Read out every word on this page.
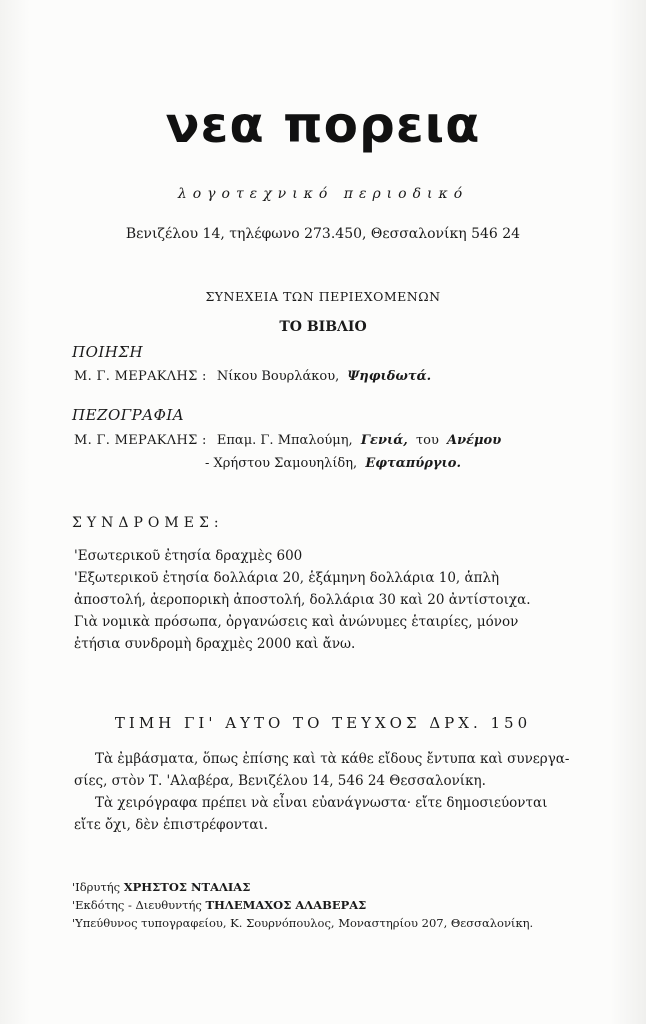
νεα πορεια
λογοτεχνικό περιοδικό
Βενιζέλου 14, τηλέφωνο 273.450, Θεσσαλονίκη 546 24
ΣΥΝΕΧΕΙΑ ΤΩΝ ΠΕΡΙΕΧΟΜΕΝΩΝ
ΤΟ ΒΙΒΛΙΟ
ΠΟΙΗΣΗ
Μ. Γ. ΜΕΡΑΚΛΗΣ : Νίκου Βουρλάκου, Ψηφιδωτά.
ΠΕΖΟΓΡΑΦΙΑ
Μ. Γ. ΜΕΡΑΚΛΗΣ : Επαμ. Γ. Μπαλούμη, Γενιά, του Ανέμου
- Χρήστου Σαμουηλίδη, Εφταπύργιο.
ΣΥΝΔΡΟΜΕΣ:
'Εσωτερικοῦ ἐτησία δραχμὲς 600
'Εξωτερικοῦ ἐτησία δολλάρια 20, ἑξάμηνη δολλάρια 10, ἁπλὴ
ἀποστολή, ἀεροπορικὴ ἀποστολή, δολλάρια 30 καὶ 20 ἀντίστοιχα.
Γιὰ νομικὰ πρόσωπα, ὀργανώσεις καὶ ἀνώνυμες ἑταιρίες, μόνον
ἐτήσια συνδρομὴ δραχμὲς 2000 καὶ ἄνω.
ΤΙΜΗ ΓΙ' ΑΥΤΟ ΤΟ ΤΕΥΧΟΣ ΔΡΧ. 150
Τὰ ἐμβάσματα, ὅπως ἐπίσης καὶ τὰ κάθε εἴδους ἔντυπα καὶ συνεργα-
σίες, στὸν Τ. 'Αλαβέρα, Βενιζέλου 14, 546 24 Θεσσαλονίκη.
Τὰ χειρόγραφα πρέπει νὰ εἶναι εὐανάγνωστα· εἴτε δημοσιεύονται
εἴτε ὄχι, δὲν ἐπιστρέφονται.
'Ιδρυτής ΧΡΗΣΤΟΣ ΝΤΑΛΙΑΣ
'Εκδότης - Διευθυντής ΤΗΛΕΜΑΧΟΣ ΑΛΑΒΕΡΑΣ
'Υπεύθυνος τυπογραφείου, Κ. Σουρνόπουλος, Μοναστηρίου 207, Θεσσαλονίκη.
